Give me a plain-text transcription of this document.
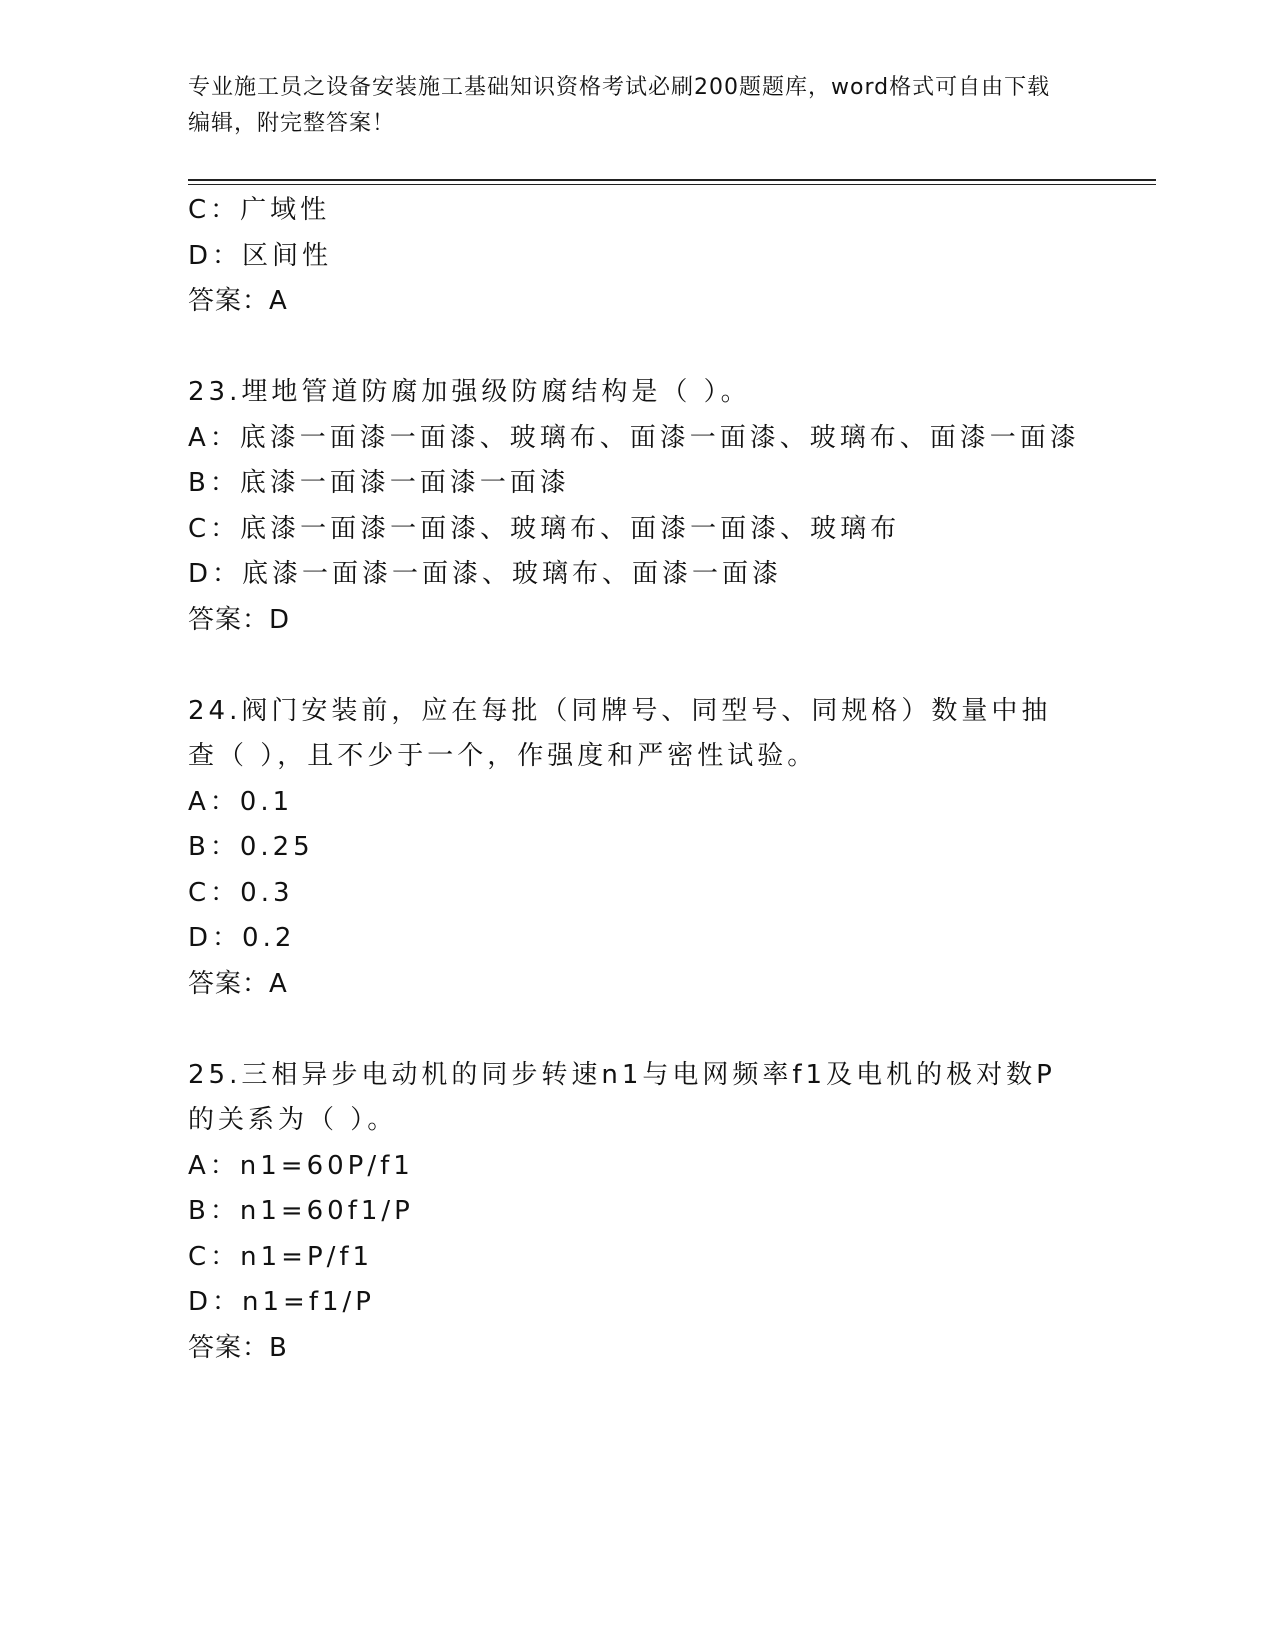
专业施工员之设备安装施工基础知识资格考试必刷200题题库，word格式可自由下载编辑，附完整答案！
C：广域性
D：区间性
答案：A
23.埋地管道防腐加强级防腐结构是（ ）。
A：底漆一面漆一面漆、玻璃布、面漆一面漆、玻璃布、面漆一面漆
B：底漆一面漆一面漆一面漆
C：底漆一面漆一面漆、玻璃布、面漆一面漆、玻璃布
D：底漆一面漆一面漆、玻璃布、面漆一面漆
答案：D
24.阀门安装前，应在每批（同牌号、同型号、同规格）数量中抽查（ ），且不少于一个，作强度和严密性试验。
A：0.1
B：0.25
C：0.3
D：0.2
答案：A
25.三相异步电动机的同步转速n1与电网频率f1及电机的极对数P的关系为（ ）。
A：n1=60P/f1
B：n1=60f1/P
C：n1=P/f1
D：n1=f1/P
答案：B
